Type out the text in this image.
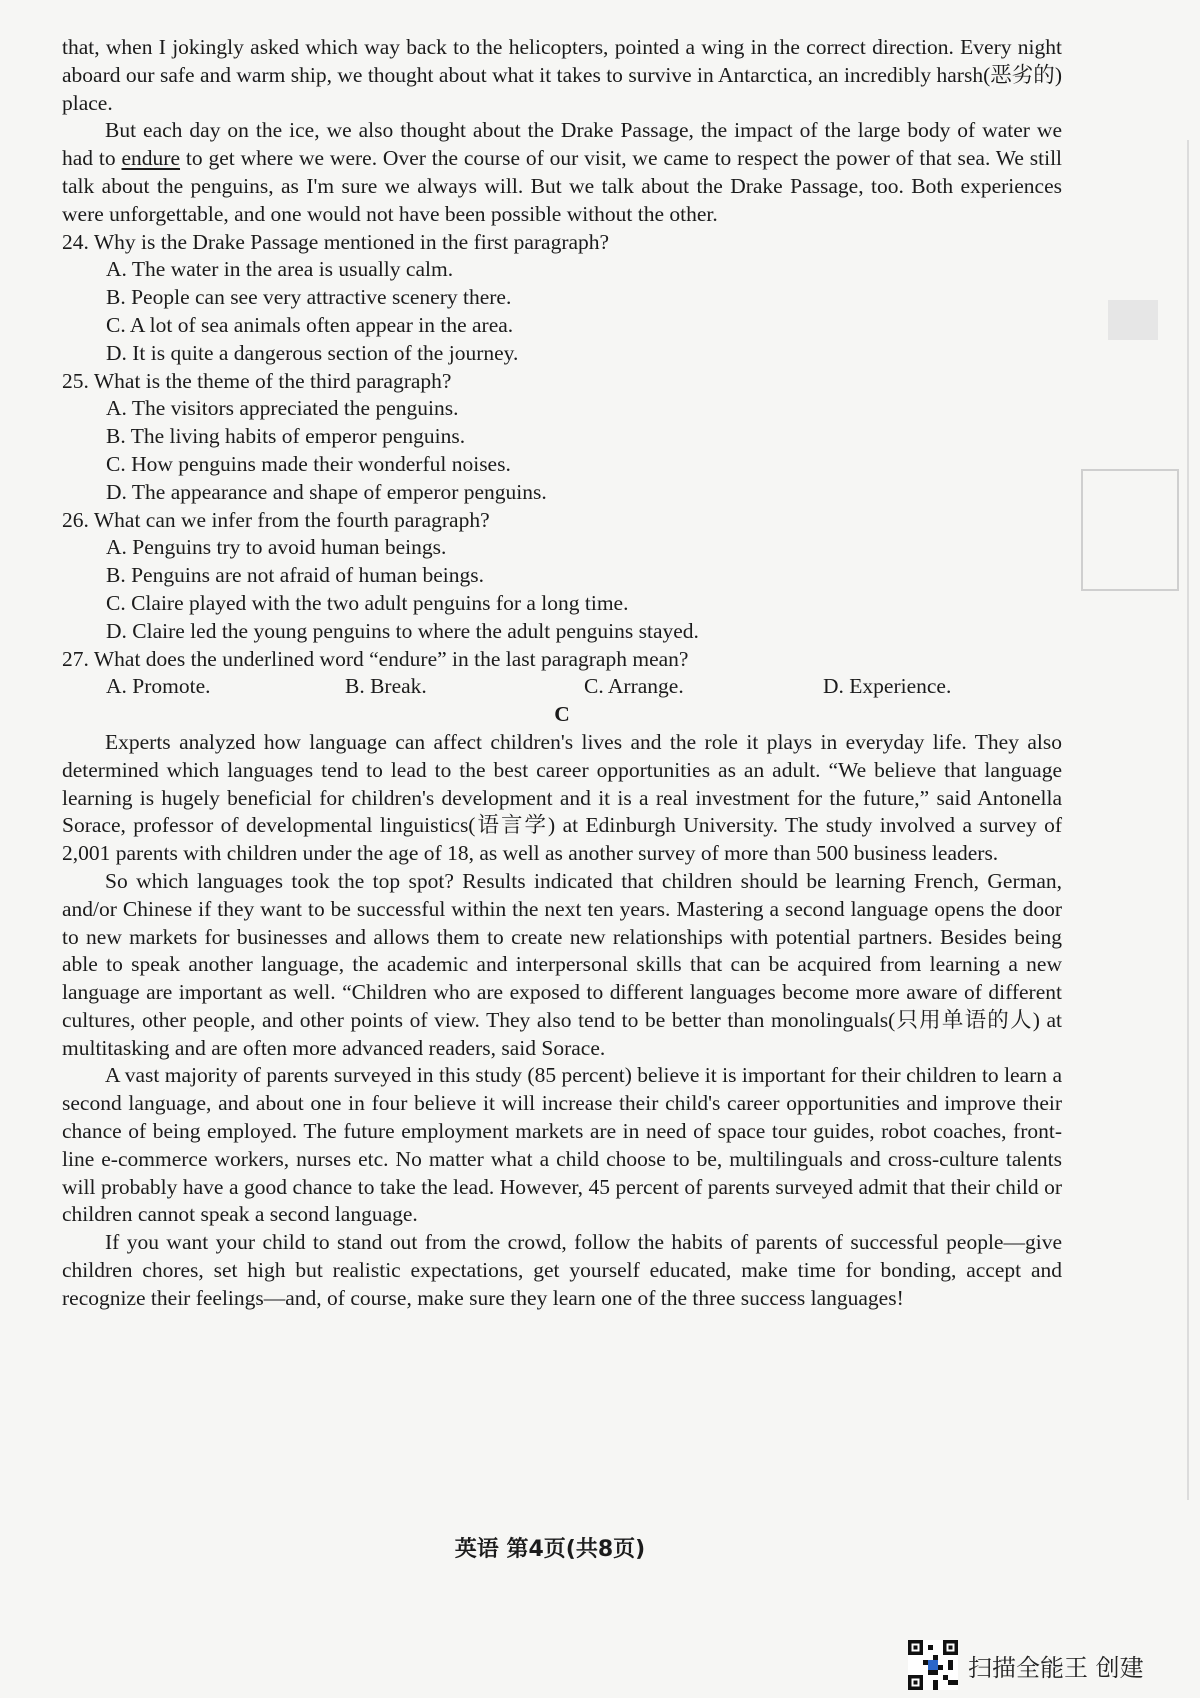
that, when I jokingly asked which way back to the helicopters, pointed a wing in the correct direction. Every night aboard our safe and warm ship, we thought about what it takes to survive in Antarctica, an incredibly harsh(恶劣的) place.

But each day on the ice, we also thought about the Drake Passage, the impact of the large body of water we had to endure to get where we were. Over the course of our visit, we came to respect the power of that sea. We still talk about the penguins, as I'm sure we always will. But we talk about the Drake Passage, too. Both experiences were unforgettable, and one would not have been possible without the other.

24. Why is the Drake Passage mentioned in the first paragraph?

A. The water in the area is usually calm.

B. People can see very attractive scenery there.

C. A lot of sea animals often appear in the area.

D. It is quite a dangerous section of the journey.

25. What is the theme of the third paragraph?

A. The visitors appreciated the penguins.

B. The living habits of emperor penguins.

C. How penguins made their wonderful noises.

D. The appearance and shape of emperor penguins.

26. What can we infer from the fourth paragraph?

A. Penguins try to avoid human beings.

B. Penguins are not afraid of human beings.

C. Claire played with the two adult penguins for a long time.

D. Claire led the young penguins to where the adult penguins stayed.

27. What does the underlined word “endure” in the last paragraph mean?

A. Promote.	B. Break.	C. Arrange.	D. Experience.

C

Experts analyzed how language can affect children's lives and the role it plays in everyday life. They also determined which languages tend to lead to the best career opportunities as an adult. “We believe that language learning is hugely beneficial for children's development and it is a real investment for the future,” said Antonella Sorace, professor of developmental linguistics(语言学) at Edinburgh University. The study involved a survey of 2,001 parents with children under the age of 18, as well as another survey of more than 500 business leaders.

So which languages took the top spot? Results indicated that children should be learning French, German, and/or Chinese if they want to be successful within the next ten years. Mastering a second language opens the door to new markets for businesses and allows them to create new relationships with potential partners. Besides being able to speak another language, the academic and interpersonal skills that can be acquired from learning a new language are important as well. “Children who are exposed to different languages become more aware of different cultures, other people, and other points of view. They also tend to be better than monolinguals(只用单语的人) at multitasking and are often more advanced readers, said Sorace.

A vast majority of parents surveyed in this study (85 percent) believe it is important for their children to learn a second language, and about one in four believe it will increase their child's career opportunities and improve their chance of being employed. The future employment markets are in need of space tour guides, robot coaches, front-line e-commerce workers, nurses etc. No matter what a child choose to be, multilinguals and cross-culture talents will probably have a good chance to take the lead. However, 45 percent of parents surveyed admit that their child or children cannot speak a second language.

If you want your child to stand out from the crowd, follow the habits of parents of successful people—give children chores, set high but realistic expectations, get yourself educated, make time for bonding, accept and recognize their feelings—and, of course, make sure they learn one of the three success languages!

英语 第4页(共8页)
扫描全能王 创建
